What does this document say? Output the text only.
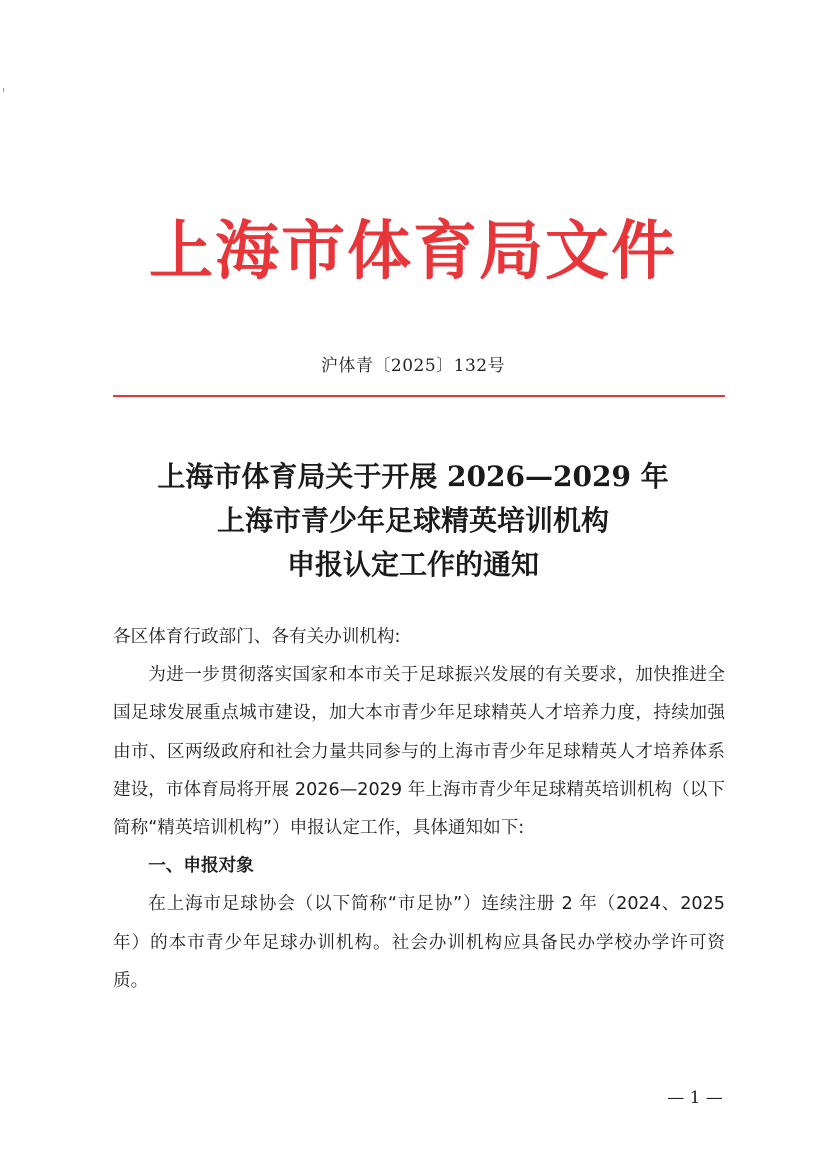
上海市体育局文件
沪体青〔2025〕132号
上海市体育局关于开展 2026—2029 年
上海市青少年足球精英培训机构
申报认定工作的通知

各区体育行政部门、各有关办训机构:

为进一步贯彻落实国家和本市关于足球振兴发展的有关要求，加快推进全国足球发展重点城市建设，加大本市青少年足球精英人才培养力度，持续加强由市、区两级政府和社会力量共同参与的上海市青少年足球精英人才培养体系建设，市体育局将开展 2026—2029 年上海市青少年足球精英培训机构（以下简称“精英培训机构”）申报认定工作，具体通知如下:

一、申报对象

在上海市足球协会（以下简称“市足协”）连续注册 2 年（2024、2025 年）的本市青少年足球办训机构。社会办训机构应具备民办学校办学许可资质。

— 1 —
